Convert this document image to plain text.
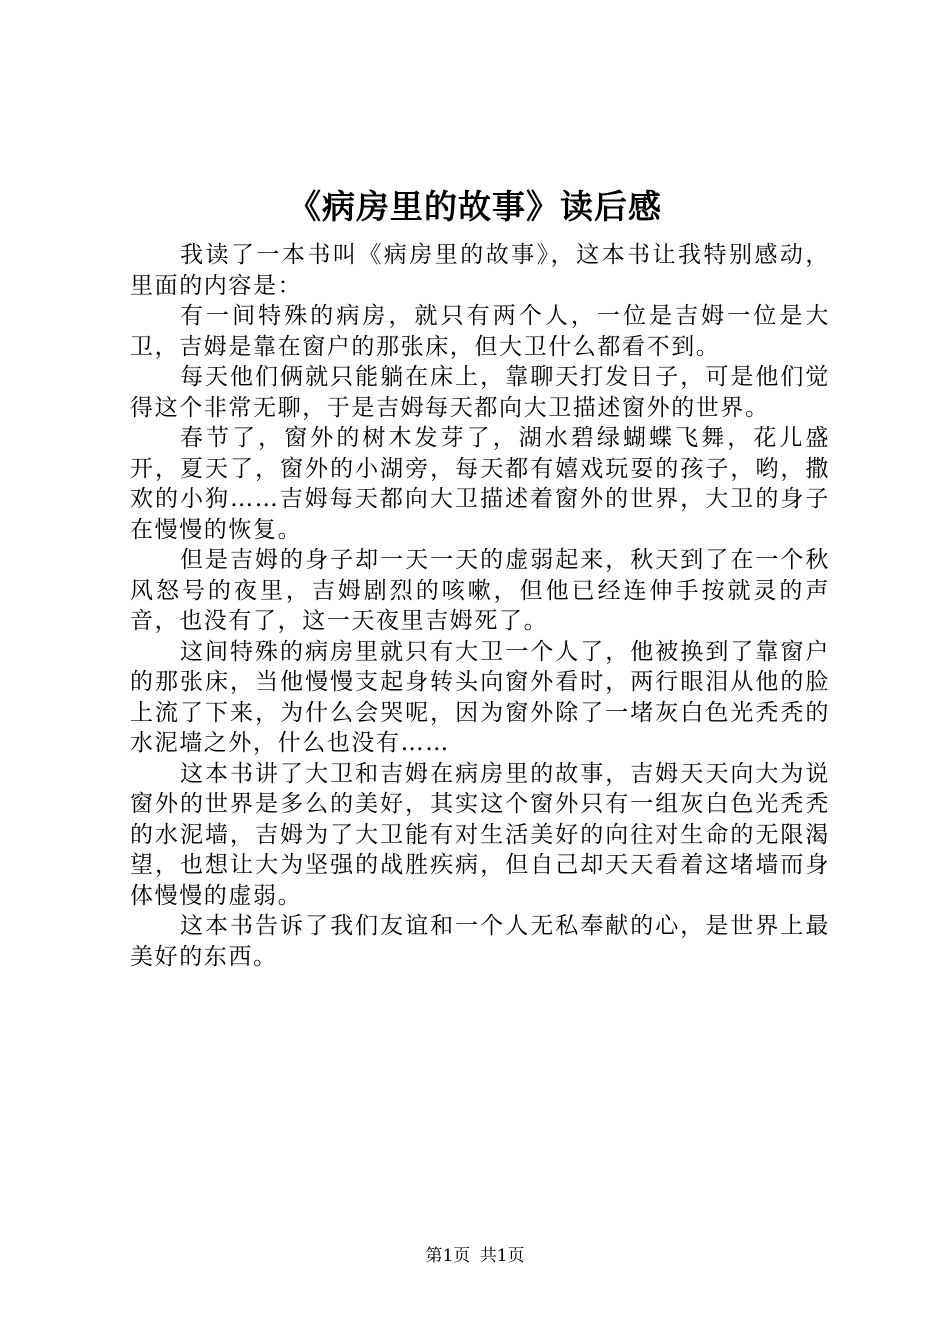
《病房里的故事》读后感

我读了一本书叫《病房里的故事》，这本书让我特别感动，里面的内容是：

有一间特殊的病房，就只有两个人，一位是吉姆一位是大卫，吉姆是靠在窗户的那张床，但大卫什么都看不到。

每天他们俩就只能躺在床上，靠聊天打发日子，可是他们觉得这个非常无聊，于是吉姆每天都向大卫描述窗外的世界。

春节了，窗外的树木发芽了，湖水碧绿蝴蝶飞舞，花儿盛开，夏天了，窗外的小湖旁，每天都有嬉戏玩耍的孩子，哟，撒欢的小狗……吉姆每天都向大卫描述着窗外的世界，大卫的身子在慢慢的恢复。

但是吉姆的身子却一天一天的虚弱起来，秋天到了在一个秋风怒号的夜里，吉姆剧烈的咳嗽，但他已经连伸手按就灵的声音，也没有了，这一天夜里吉姆死了。

这间特殊的病房里就只有大卫一个人了，他被换到了靠窗户的那张床，当他慢慢支起身转头向窗外看时，两行眼泪从他的脸上流了下来，为什么会哭呢，因为窗外除了一堵灰白色光秃秃的水泥墙之外，什么也没有……

这本书讲了大卫和吉姆在病房里的故事，吉姆天天向大为说窗外的世界是多么的美好，其实这个窗外只有一组灰白色光秃秃的水泥墙，吉姆为了大卫能有对生活美好的向往对生命的无限渴望，也想让大为坚强的战胜疾病，但自己却天天看着这堵墙而身体慢慢的虚弱。

这本书告诉了我们友谊和一个人无私奉献的心，是世界上最美好的东西。

第1页 共1页
